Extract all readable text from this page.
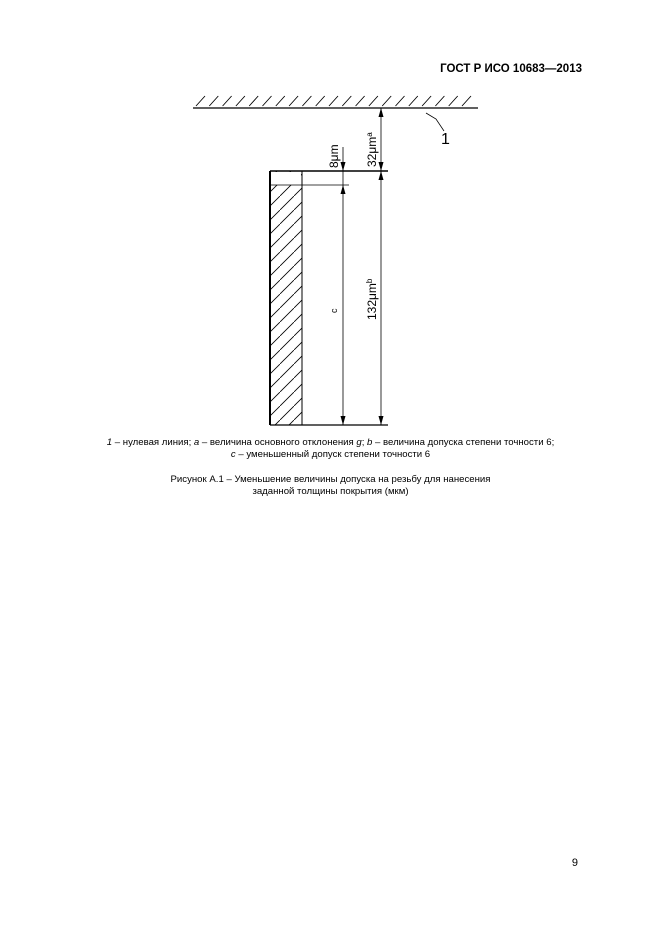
ГОСТ Р ИСО 10683—2013
1
$32\mu m^a$
8μm
c $132\mu m^b$
1 – нулевая линия; a – величина основного отклонения g; b – величина допуска степени точности 6;
c – уменьшенный допуск степени точности 6
Рисунок А.1 – Уменьшение величины допуска на резьбу для нанесения
заданной толщины покрытия (мкм)
9
